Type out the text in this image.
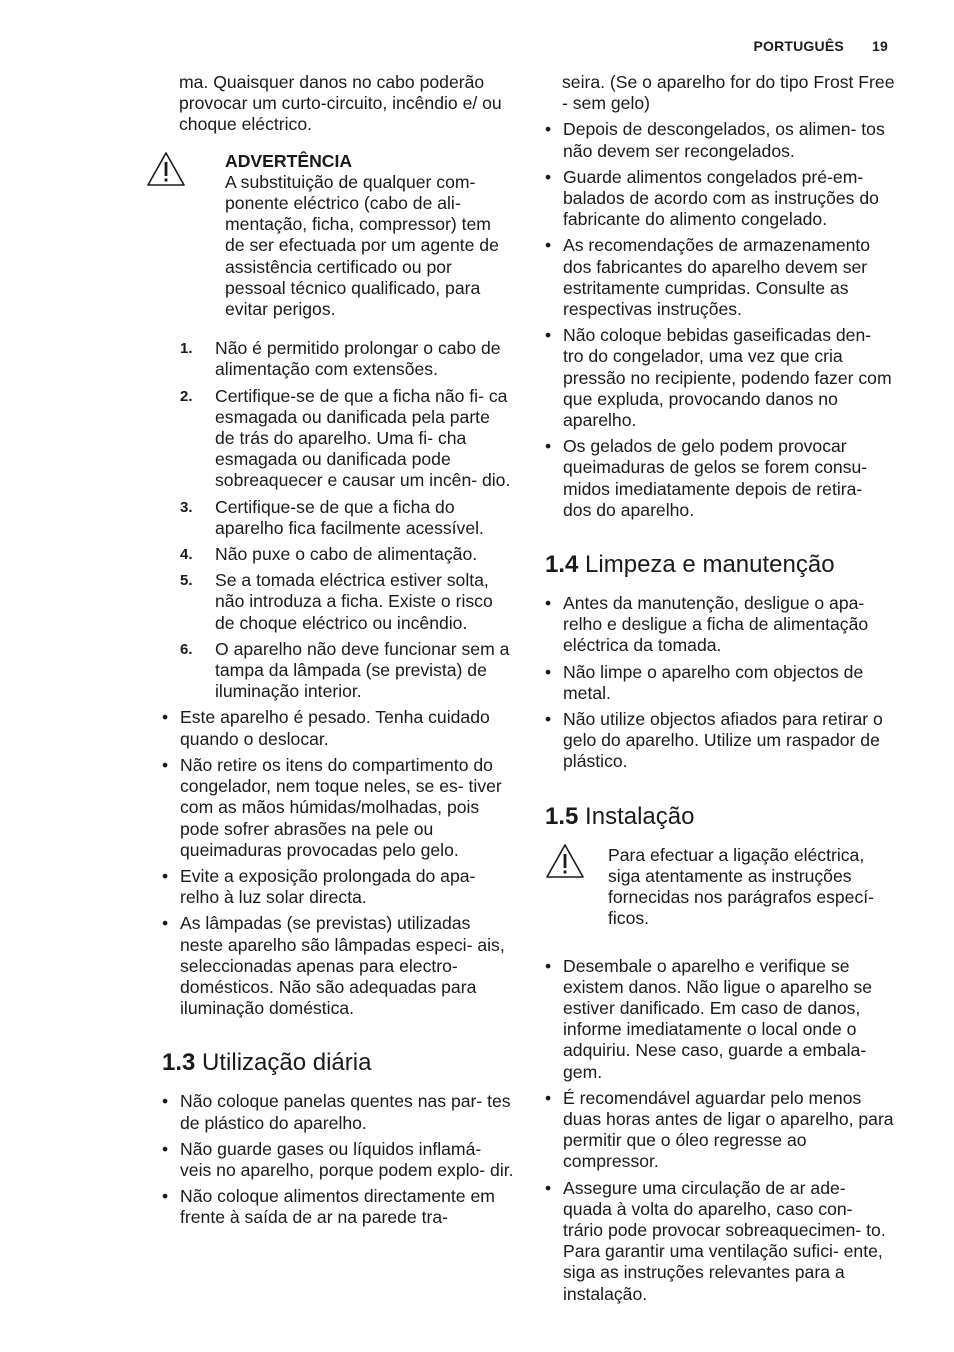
PORTUGUÊS 19

ma. Quaisquer danos no cabo poderão provocar um curto-circuito, incêndio e/ ou choque eléctrico.

ADVERTÊNCIA

A substituição de qualquer com- ponente eléctrico (cabo de ali- mentação, ficha, compressor) tem de ser efectuada por um agente de assistência certificado ou por pessoal técnico qualificado, para evitar perigos.

1. Não é permitido prolongar o cabo de alimentação com extensões.
2. Certifique-se de que a ficha não fi- ca esmagada ou danificada pela parte de trás do aparelho. Uma fi- cha esmagada ou danificada pode sobreaquecer e causar um incên- dio.
3. Certifique-se de que a ficha do aparelho fica facilmente acessível.
4. Não puxe o cabo de alimentação.
5. Se a tomada eléctrica estiver solta, não introduza a ficha. Existe o risco de choque eléctrico ou incêndio.
6. O aparelho não deve funcionar sem a tampa da lâmpada (se prevista) de iluminação interior.
• Este aparelho é pesado. Tenha cuidado quando o deslocar.
• Não retire os itens do compartimento do congelador, nem toque neles, se es- tiver com as mãos húmidas/molhadas, pois pode sofrer abrasões na pele ou queimaduras provocadas pelo gelo.
• Evite a exposição prolongada do apa- relho à luz solar directa.
• As lâmpadas (se previstas) utilizadas neste aparelho são lâmpadas especi- ais, seleccionadas apenas para electro- domésticos. Não são adequadas para iluminação doméstica.
1.3 Utilização diária
• Não coloque panelas quentes nas par- tes de plástico do aparelho.
• Não guarde gases ou líquidos inflamá- veis no aparelho, porque podem explo- dir.
• Não coloque alimentos directamente em frente à saída de ar na parede tra-

seira. (Se o aparelho for do tipo Frost Free - sem gelo)

• Depois de descongelados, os alimen- tos não devem ser recongelados.
• Guarde alimentos congelados pré-em- balados de acordo com as instruções do fabricante do alimento congelado.
• As recomendações de armazenamento dos fabricantes do aparelho devem ser estritamente cumpridas. Consulte as respectivas instruções.
• Não coloque bebidas gaseificadas den- tro do congelador, uma vez que cria pressão no recipiente, podendo fazer com que expluda, provocando danos no aparelho.
• Os gelados de gelo podem provocar queimaduras de gelos se forem consu- midos imediatamente depois de retira- dos do aparelho.
1.4 Limpeza e manutenção
• Antes da manutenção, desligue o apa- relho e desligue a ficha de alimentação eléctrica da tomada.
• Não limpe o aparelho com objectos de metal.
• Não utilize objectos afiados para retirar o gelo do aparelho. Utilize um raspador de plástico.
1.5 Instalação

Para efectuar a ligação eléctrica, siga atentamente as instruções fornecidas nos parágrafos especí- ficos.

• Desembale o aparelho e verifique se existem danos. Não ligue o aparelho se estiver danificado. Em caso de danos, informe imediatamente o local onde o adquiriu. Nese caso, guarde a embala- gem.
• É recomendável aguardar pelo menos duas horas antes de ligar o aparelho, para permitir que o óleo regresse ao compressor.
• Assegure uma circulação de ar ade- quada à volta do aparelho, caso con- trário pode provocar sobreaquecimen- to. Para garantir uma ventilação sufici- ente, siga as instruções relevantes para a instalação.
